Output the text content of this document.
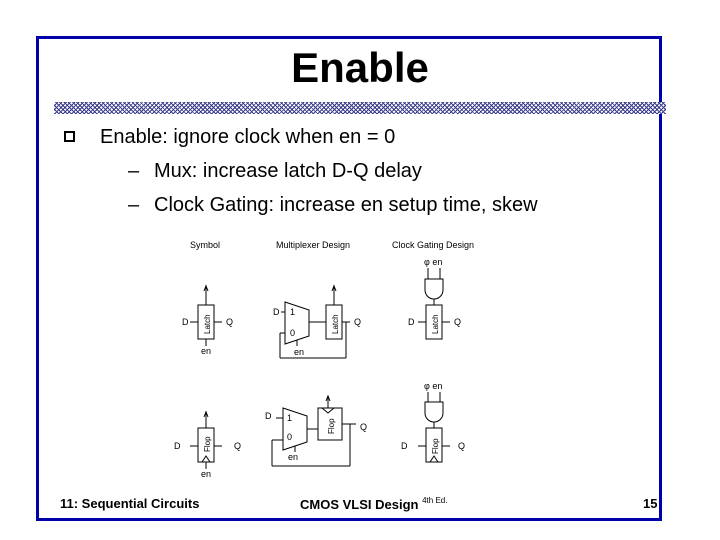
Enable
Enable: ignore clock when en = 0
– Mux: increase latch D-Q delay
– Clock Gating: increase en setup time, skew
Symbol	Multiplexer Design	Clock Gating Design
D	Q
en
Latch
D 1
0
en
Q
Latch
φ en
D	Q
Latch
D	Q
en
Flop
D 1
0
en
Q
Flop
φ en
D	Q
Flop
11: Sequential Circuits	CMOS VLSI Design $^{4th Ed.}$	15
